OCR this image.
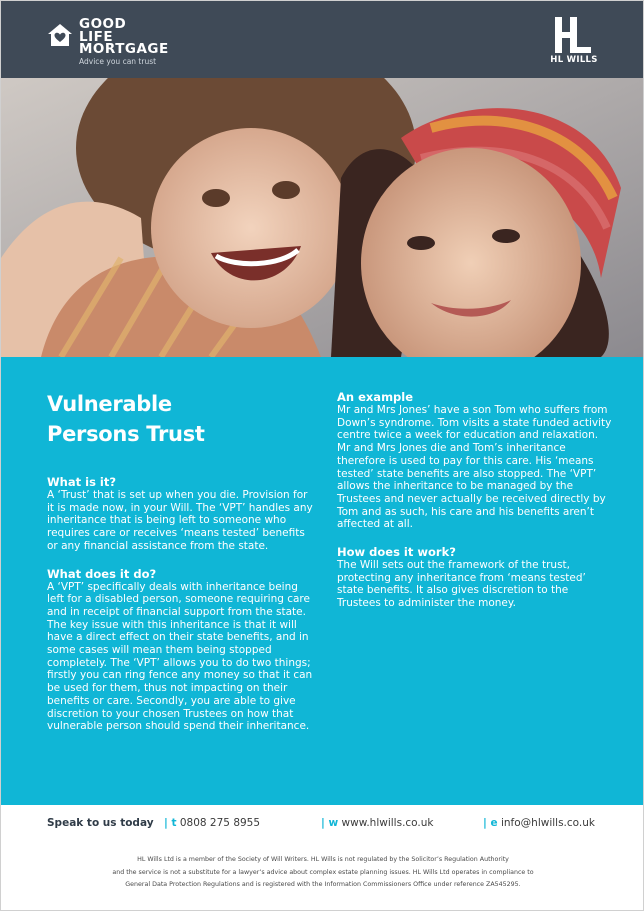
GOOD
LIFE
MORTGAGE
Advice you can trust	HL WILLS
Vulnerable
Persons Trust
What is it?
A ‘Trust’ that is set up when you die. Provision for it is made now, in your Will. The ‘VPT’ handles any inheritance that is being left to someone who requires care or receives ‘means tested’ benefits or any financial assistance from the state.
What does it do?
A ‘VPT’ specifically deals with inheritance being left for a disabled person, someone requiring care and in receipt of financial support from the state. The key issue with this inheritance is that it will have a direct effect on their state benefits, and in some cases will mean them being stopped completely. The ‘VPT’ allows you to do two things; firstly you can ring fence any money so that it can be used for them, thus not impacting on their benefits or care. Secondly, you are able to give discretion to your chosen Trustees on how that vulnerable person should spend their inheritance.
An example
Mr and Mrs Jones’ have a son Tom who suffers from Down’s syndrome. Tom visits a state funded activity centre twice a week for education and relaxation. Mr and Mrs Jones die and Tom’s inheritance therefore is used to pay for this care. His ‘means tested’ state benefits are also stopped. The ‘VPT’ allows the inheritance to be managed by the Trustees and never actually be received directly by Tom and as such, his care and his benefits aren’t affected at all.
How does it work?
The Will sets out the framework of the trust, protecting any inheritance from ‘means tested’ state benefits. It also gives discretion to the Trustees to administer the money.
Speak to us today | t 0808 275 8955	| w www.hlwills.co.uk	| e info@hlwills.co.uk

HL Wills Ltd is a member of the Society of Will Writers. HL Wills is not regulated by the Solicitor’s Regulation Authority

and the service is not a substitute for a lawyer’s advice about complex estate planning issues. HL Wills Ltd operates in compliance to

General Data Protection Regulations and is registered with the Information Commissioners Office under reference ZA545295.
